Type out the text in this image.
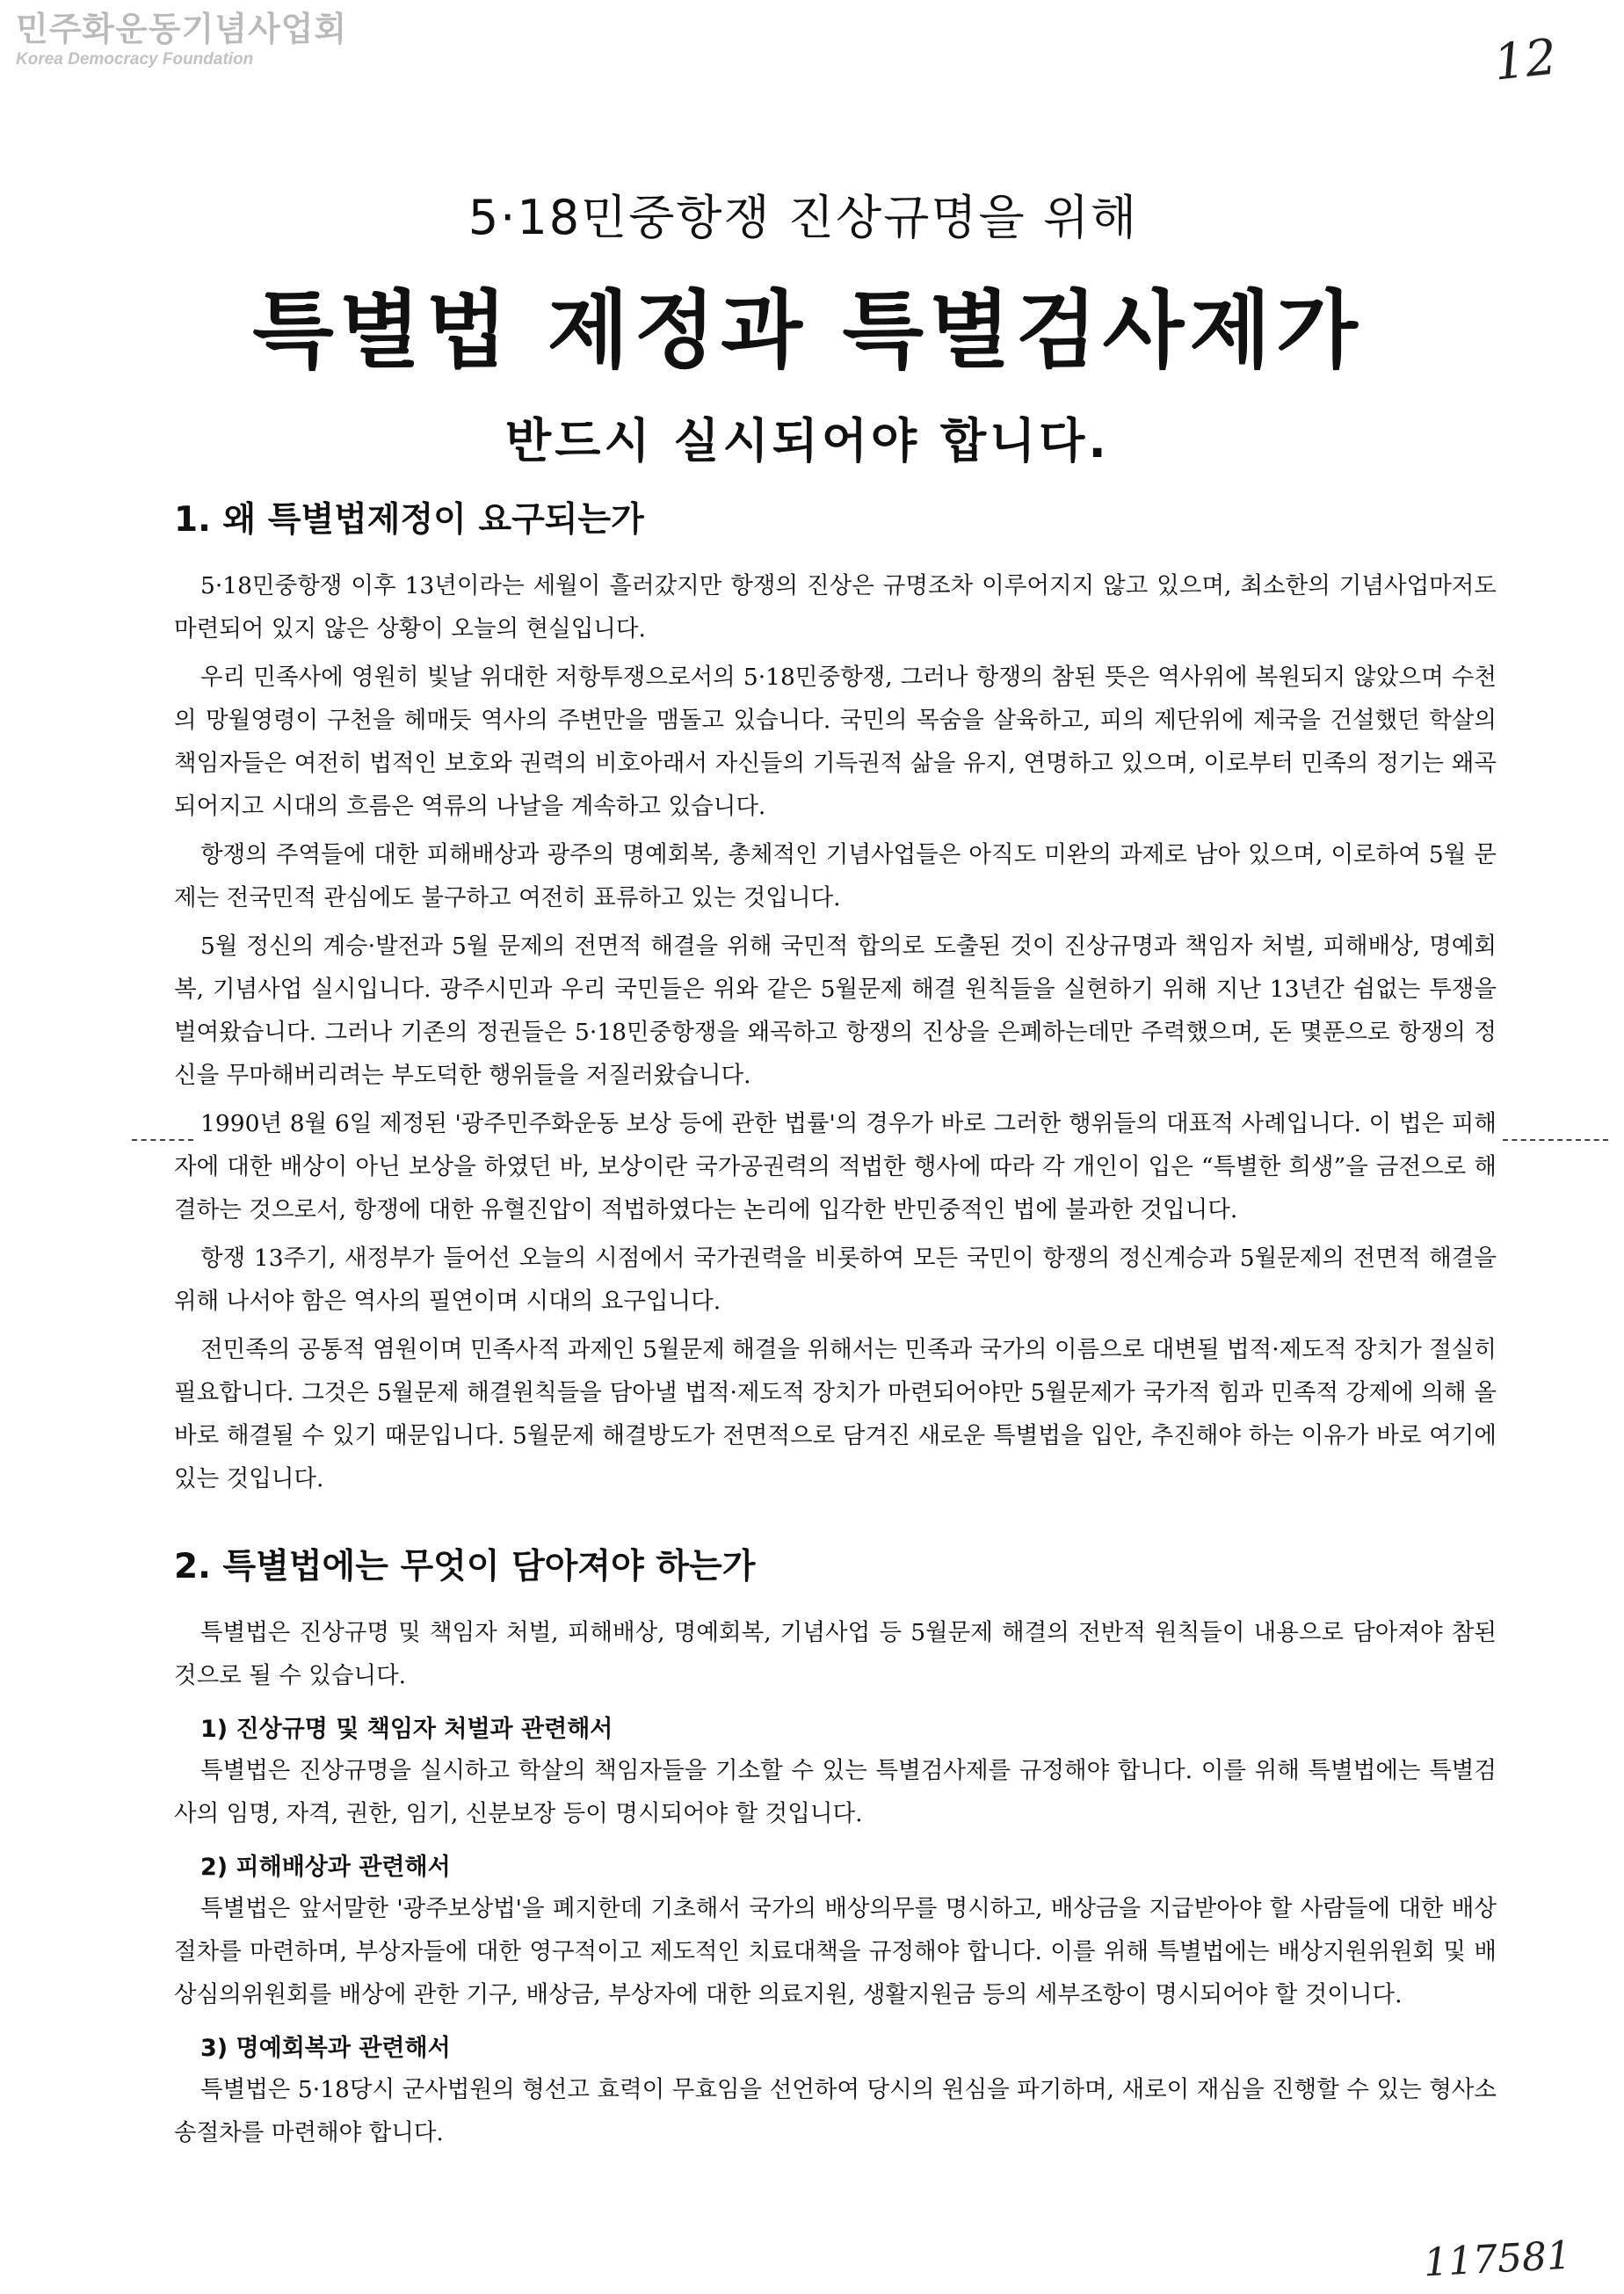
민주화운동기념사업회
Korea Democracy Foundation	12
5·18민중항쟁 진상규명을 위해
특별법 제정과 특별검사제가
반드시 실시되어야 합니다.
1. 왜 특별법제정이 요구되는가

5·18민중항쟁 이후 13년이라는 세월이 흘러갔지만 항쟁의 진상은 규명조차 이루어지지 않고 있으며, 최소한의 기념사업마저도 마련되어 있지 않은 상황이 오늘의 현실입니다.

우리 민족사에 영원히 빛날 위대한 저항투쟁으로서의 5·18민중항쟁, 그러나 항쟁의 참된 뜻은 역사위에 복원되지 않았으며 수천의 망월영령이 구천을 헤매듯 역사의 주변만을 맴돌고 있습니다. 국민의 목숨을 살육하고, 피의 제단위에 제국을 건설했던 학살의 책임자들은 여전히 법적인 보호와 권력의 비호아래서 자신들의 기득권적 삶을 유지, 연명하고 있으며, 이로부터 민족의 정기는 왜곡되어지고 시대의 흐름은 역류의 나날을 계속하고 있습니다.

항쟁의 주역들에 대한 피해배상과 광주의 명예회복, 총체적인 기념사업들은 아직도 미완의 과제로 남아 있으며, 이로하여 5월 문제는 전국민적 관심에도 불구하고 여전히 표류하고 있는 것입니다.

5월 정신의 계승·발전과 5월 문제의 전면적 해결을 위해 국민적 합의로 도출된 것이 진상규명과 책임자 처벌, 피해배상, 명예회복, 기념사업 실시입니다. 광주시민과 우리 국민들은 위와 같은 5월문제 해결 원칙들을 실현하기 위해 지난 13년간 쉼없는 투쟁을 벌여왔습니다. 그러나 기존의 정권들은 5·18민중항쟁을 왜곡하고 항쟁의 진상을 은폐하는데만 주력했으며, 돈 몇푼으로 항쟁의 정신을 무마해버리려는 부도덕한 행위들을 저질러왔습니다.

1990년 8월 6일 제정된 '광주민주화운동 보상 등에 관한 법률'의 경우가 바로 그러한 행위들의 대표적 사례입니다. 이 법은 피해자에 대한 배상이 아닌 보상을 하였던 바, 보상이란 국가공권력의 적법한 행사에 따라 각 개인이 입은 “특별한 희생”을 금전으로 해결하는 것으로서, 항쟁에 대한 유혈진압이 적법하였다는 논리에 입각한 반민중적인 법에 불과한 것입니다.

항쟁 13주기, 새정부가 들어선 오늘의 시점에서 국가권력을 비롯하여 모든 국민이 항쟁의 정신계승과 5월문제의 전면적 해결을 위해 나서야 함은 역사의 필연이며 시대의 요구입니다.

전민족의 공통적 염원이며 민족사적 과제인 5월문제 해결을 위해서는 민족과 국가의 이름으로 대변될 법적·제도적 장치가 절실히 필요합니다. 그것은 5월문제 해결원칙들을 담아낼 법적·제도적 장치가 마련되어야만 5월문제가 국가적 힘과 민족적 강제에 의해 올바로 해결될 수 있기 때문입니다. 5월문제 해결방도가 전면적으로 담겨진 새로운 특별법을 입안, 추진해야 하는 이유가 바로 여기에 있는 것입니다.

2. 특별법에는 무엇이 담아져야 하는가

특별법은 진상규명 및 책임자 처벌, 피해배상, 명예회복, 기념사업 등 5월문제 해결의 전반적 원칙들이 내용으로 담아져야 참된 것으로 될 수 있습니다.

1) 진상규명 및 책임자 처벌과 관련해서

특별법은 진상규명을 실시하고 학살의 책임자들을 기소할 수 있는 특별검사제를 규정해야 합니다. 이를 위해 특별법에는 특별검사의 임명, 자격, 권한, 임기, 신분보장 등이 명시되어야 할 것입니다.

2) 피해배상과 관련해서

특별법은 앞서말한 '광주보상법'을 폐지한데 기초해서 국가의 배상의무를 명시하고, 배상금을 지급받아야 할 사람들에 대한 배상절차를 마련하며, 부상자들에 대한 영구적이고 제도적인 치료대책을 규정해야 합니다. 이를 위해 특별법에는 배상지원위원회 및 배상심의위원회를 배상에 관한 기구, 배상금, 부상자에 대한 의료지원, 생활지원금 등의 세부조항이 명시되어야 할 것이니다.

3) 명예회복과 관련해서

특별법은 5·18당시 군사법원의 형선고 효력이 무효임을 선언하여 당시의 원심을 파기하며, 새로이 재심을 진행할 수 있는 형사소송절차를 마련해야 합니다.

117581
